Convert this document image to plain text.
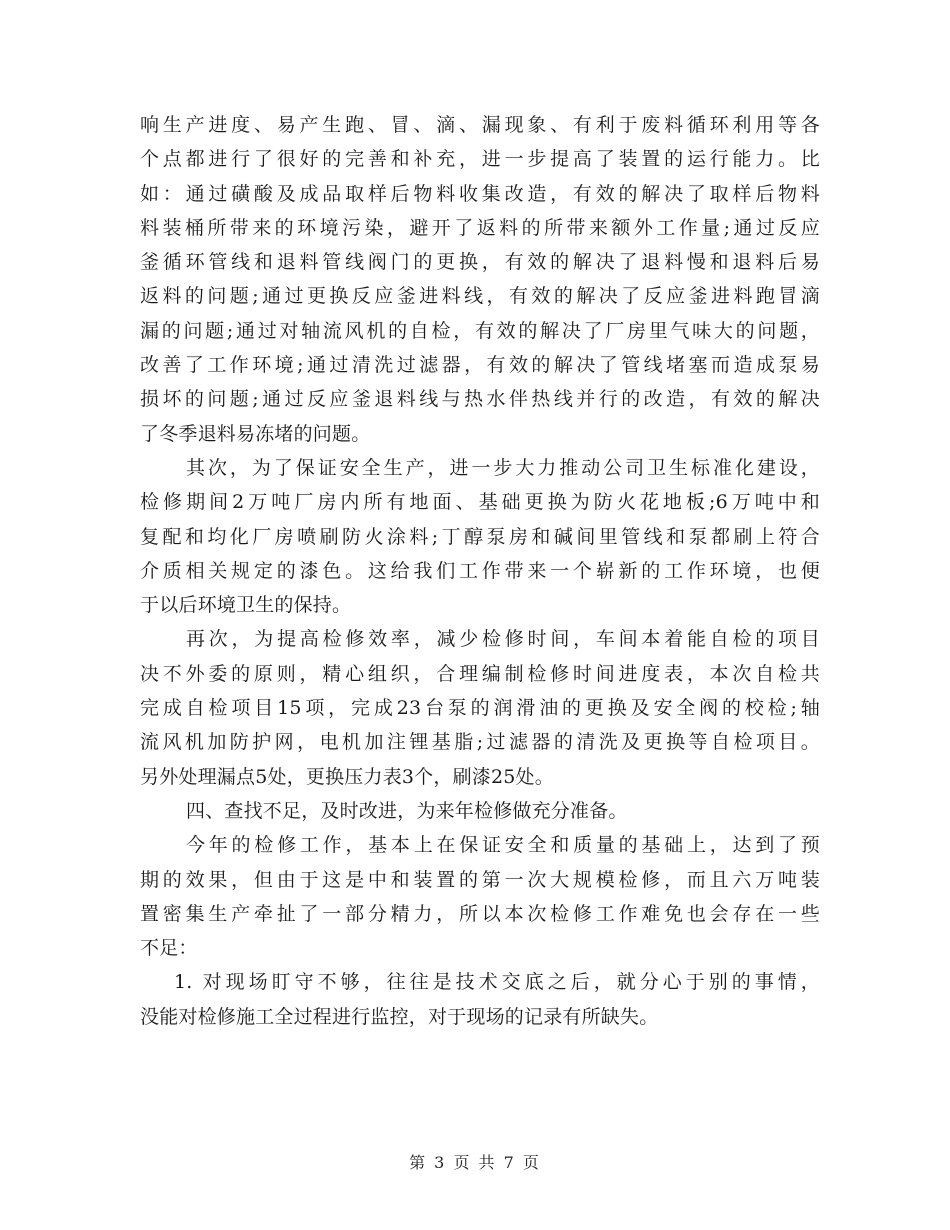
响生产进度、易产生跑、冒、滴、漏现象、有利于废料循环利用等各
个点都进行了很好的完善和补充，进一步提高了装置的运行能力。比
如：通过磺酸及成品取样后物料收集改造，有效的解决了取样后物料
料装桶所带来的环境污染，避开了返料的所带来额外工作量;通过反应
釜循环管线和退料管线阀门的更换，有效的解决了退料慢和退料后易
返料的问题;通过更换反应釜进料线，有效的解决了反应釜进料跑冒滴
漏的问题;通过对轴流风机的自检，有效的解决了厂房里气味大的问题，
改善了工作环境;通过清洗过滤器，有效的解决了管线堵塞而造成泵易
损坏的问题;通过反应釜退料线与热水伴热线并行的改造，有效的解决
了冬季退料易冻堵的问题。
其次，为了保证安全生产，进一步大力推动公司卫生标准化建设，
检修期间2万吨厂房内所有地面、基础更换为防火花地板;6万吨中和
复配和均化厂房喷刷防火涂料;丁醇泵房和碱间里管线和泵都刷上符合
介质相关规定的漆色。这给我们工作带来一个崭新的工作环境，也便
于以后环境卫生的保持。
再次，为提高检修效率，减少检修时间，车间本着能自检的项目
决不外委的原则，精心组织，合理编制检修时间进度表，本次自检共
完成自检项目15项，完成23台泵的润滑油的更换及安全阀的校检;轴
流风机加防护网，电机加注锂基脂;过滤器的清洗及更换等自检项目。
另外处理漏点5处，更换压力表3个，刷漆25处。
四、查找不足，及时改进，为来年检修做充分准备。
今年的检修工作，基本上在保证安全和质量的基础上，达到了预
期的效果，但由于这是中和装置的第一次大规模检修，而且六万吨装
置密集生产牵扯了一部分精力，所以本次检修工作难免也会存在一些
不足：
1. 对现场盯守不够，往往是技术交底之后，就分心于别的事情，
没能对检修施工全过程进行监控，对于现场的记录有所缺失。
第 3 页 共 7 页
